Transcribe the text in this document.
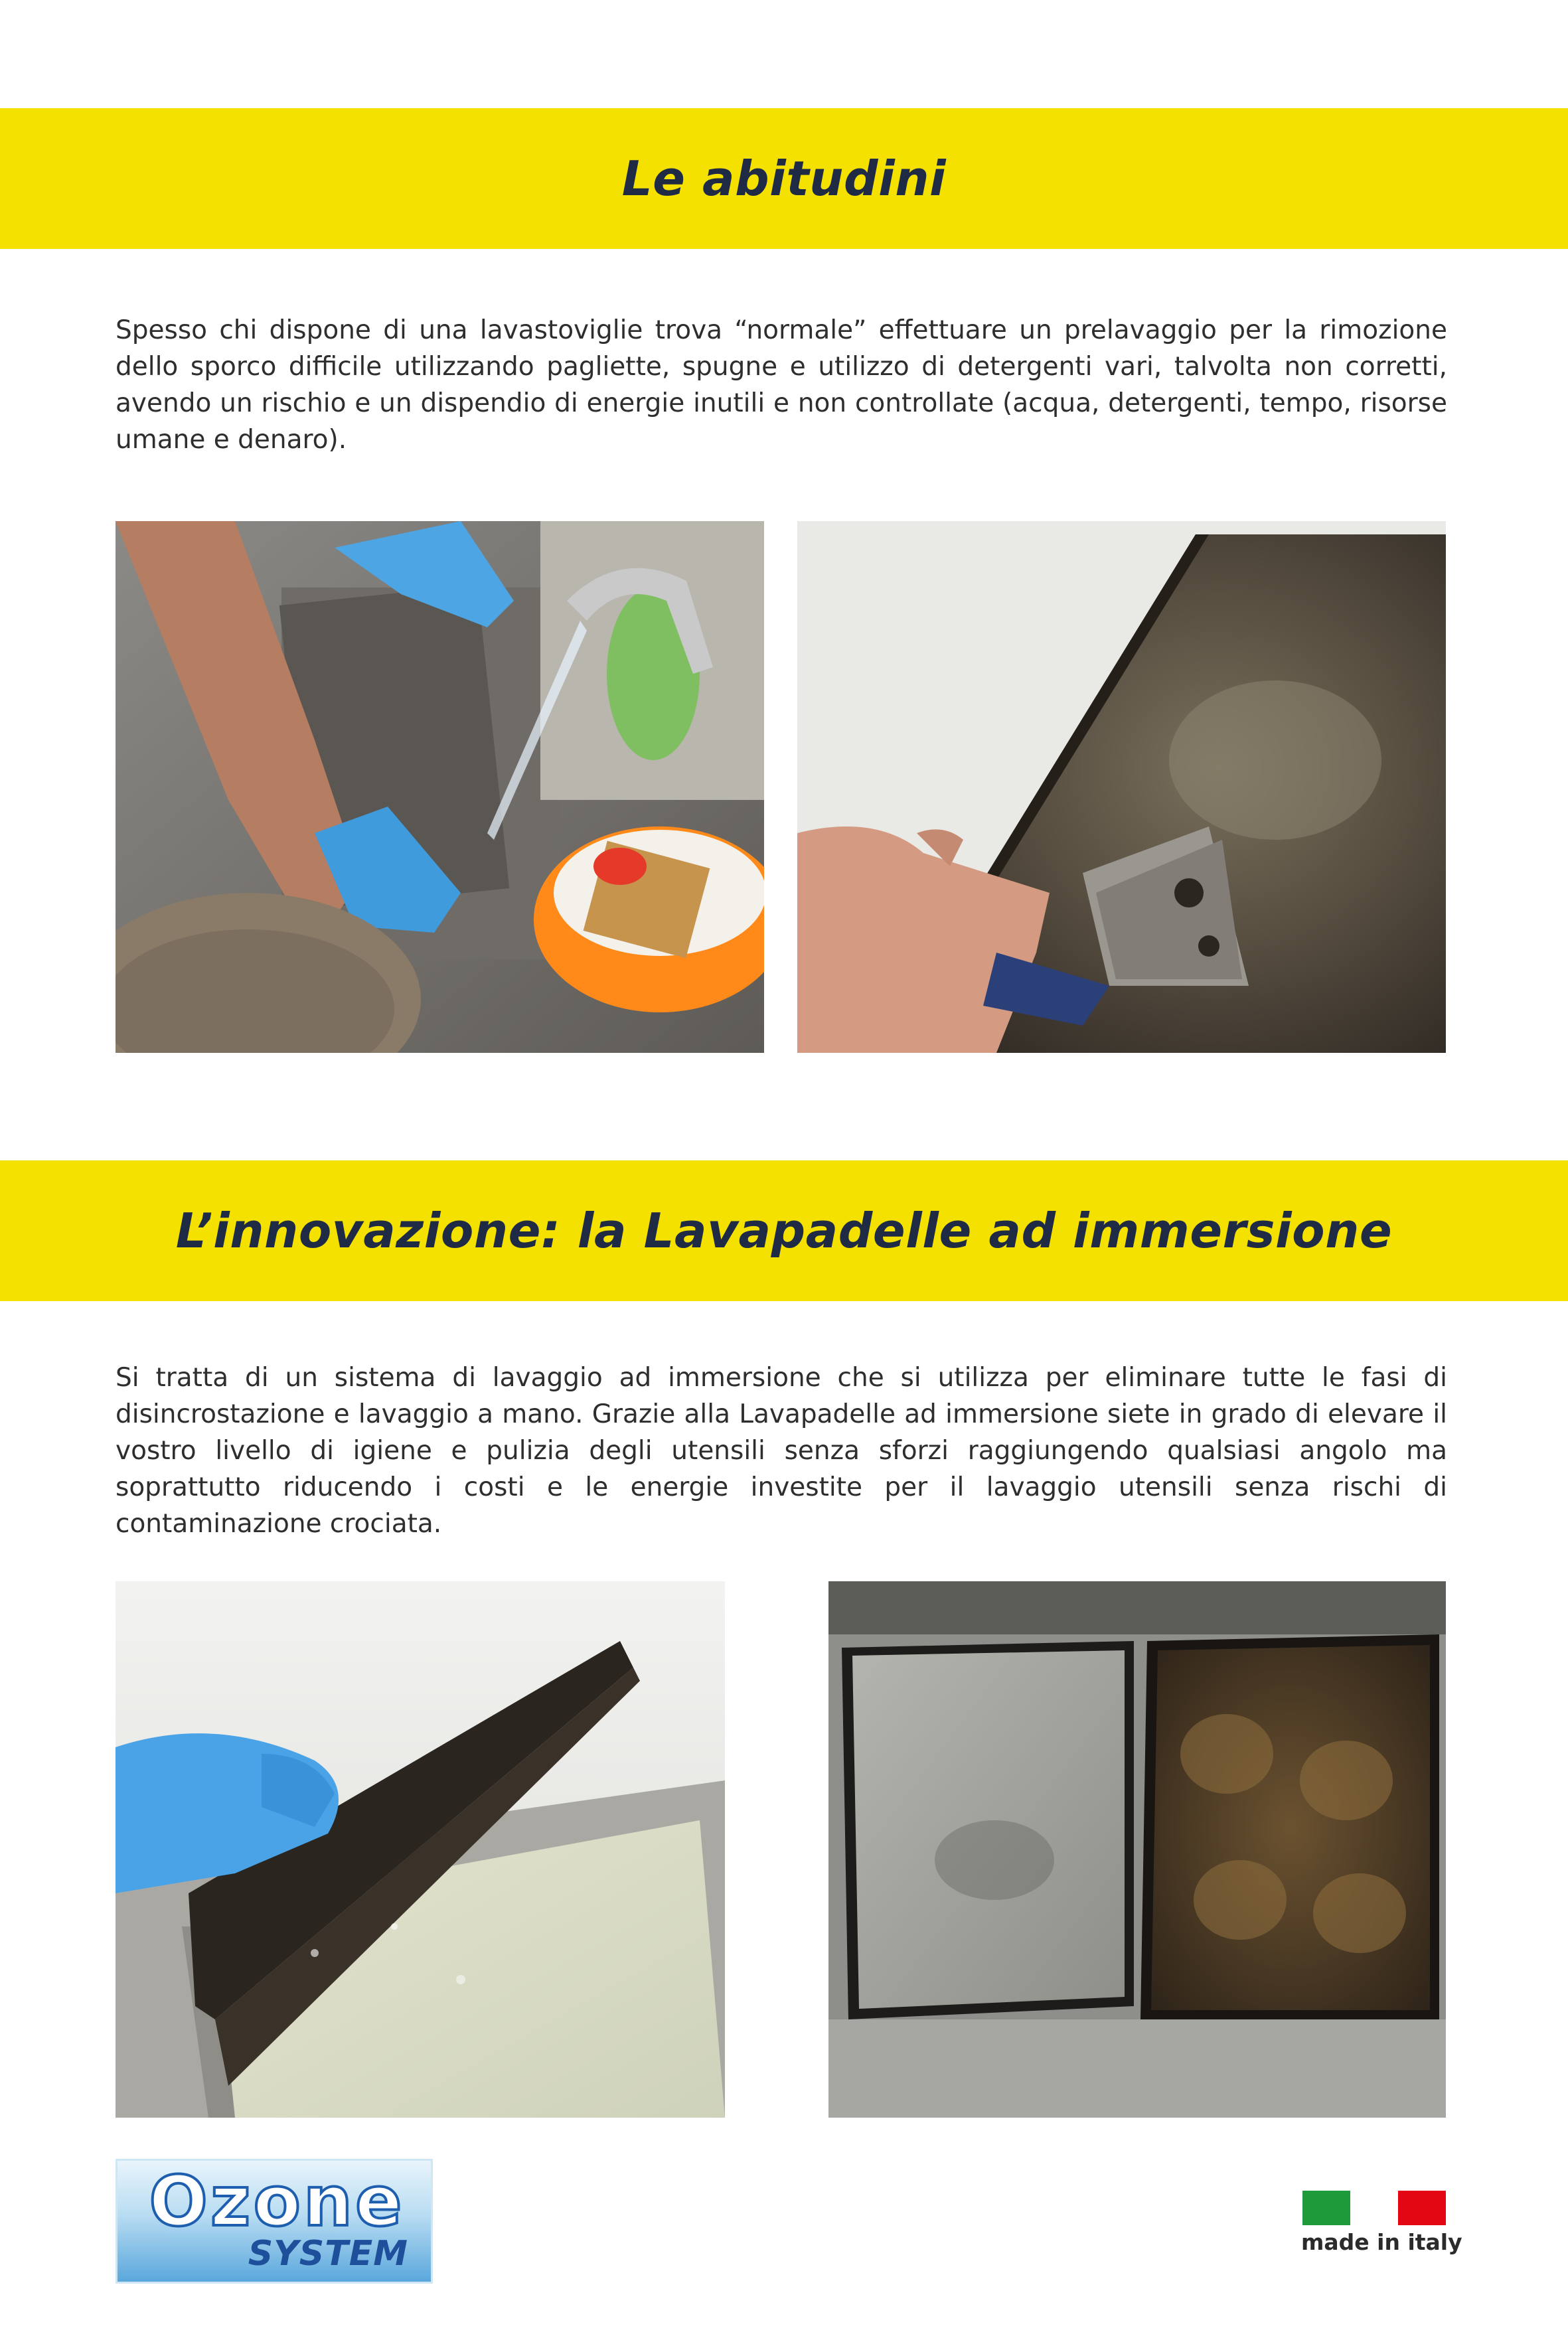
Le abitudini

Spesso chi dispone di una lavastoviglie trova “normale” effettuare un prelavaggio per la rimozione dello sporco difficile utilizzando pagliette, spugne e utilizzo di detergenti vari, talvolta non corretti, avendo un rischio e un dispendio di energie inutili e non controllate (acqua, detergenti, tempo, risorse umane e denaro).

L’innovazione: la Lavapadelle ad immersione

Si tratta di un sistema di lavaggio ad immersione che si utilizza per eliminare tutte le fasi di disincrostazione e lavaggio a mano. Grazie alla Lavapadelle ad immersione siete in grado di elevare il vostro livello di igiene e pulizia degli utensili senza sforzi raggiungendo qualsiasi angolo ma soprattutto riducendo i costi e le energie investite per il lavaggio utensili senza rischi di contaminazione crociata.

Ozone
SYSTEM	made in italy
